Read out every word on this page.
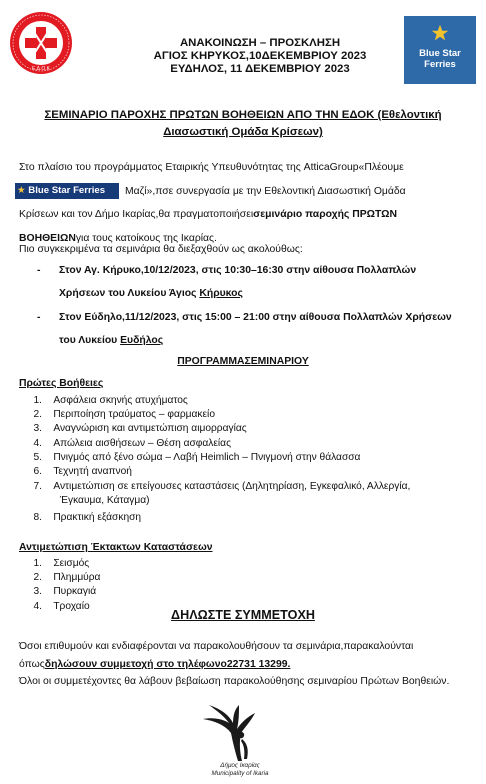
Ε.Δ.Ο.Κ
Blue Star
Ferries
ΑΝΑΚΟΙΝΩΣΗ – ΠΡΟΣΚΛΗΣΗ
ΑΓΙΟΣ ΚΗΡΥΚΟΣ,10ΔΕΚΕΜΒΡΙΟΥ 2023
ΕΥΔΗΛΟΣ, 11 ΔΕΚΕΜΒΡΙΟΥ 2023
ΣΕΜΙΝΑΡΙΟ ΠΑΡΟΧΗΣ ΠΡΩΤΩΝ ΒΟΗΘΕΙΩΝ ΑΠΟ ΤΗΝ ΕΔΟΚ (Εθελοντική
Διασωστική Ομάδα Κρίσεων)
Στο πλαίσιο του προγράμματος Εταιρικής Υπευθυνότητας της AtticaGroup«Πλέουμε
★ Blue Star Ferries Μαζί»,πσε συνεργασία με την Εθελοντική Διασωστική Ομάδα
Κρίσεων και τον Δήμο Ικαρίας,θα πραγματοποιήσεισεμινάριο παροχής ΠΡΩΤΩΝ
ΒΟΗΘΕΙΩΝγια τους κατοίκους της Ικαρίας.
Πιο συγκεκριμένα τα σεμινάρια θα διεξαχθούν ως ακολούθως:
- Στον Αγ. Κήρυκο,10/12/2023, στις 10:30–16:30 στην αίθουσα Πολλαπλών
Χρήσεων του Λυκείου Άγιος Κήρυκος
- Στον Εύδηλο,11/12/2023, στις 15:00 – 21:00 στην αίθουσα Πολλαπλών Χρήσεων
του Λυκείου Ευδήλος
ΠΡΟΓΡΑΜΜΑΣΕΜΙΝΑΡΙΟΥ
Πρώτες Βοήθειες
1. Ασφάλεια σκηνής ατυχήματος
2. Περιποίηση τραύματος – φαρμακείο
3. Αναγνώριση και αντιμετώπιση αιμορραγίας
4. Απώλεια αισθήσεων – Θέση ασφαλείας
5. Πνιγμός από ξένο σώμα – Λαβή Heimlich – Πνιγμονή στην θάλασσα
6. Τεχνητή αναπνοή
7. Αντιμετώπιση σε επείγουσες καταστάσεις (Δηλητηρίαση, Εγκεφαλικό, Αλλεργία,
Έγκαυμα, Κάταγμα)
8. Πρακτική εξάσκηση
Αντιμετώπιση Έκτακτων Καταστάσεων
1. Σεισμός
2. Πλημμύρα
3. Πυρκαγιά
4. Τροχαίο
ΔΗΛΩΣΤΕ ΣΥΜΜΕΤΟΧΗ
Όσοι επιθυμούν και ενδιαφέρονται να παρακολουθήσουν τα σεμινάρια,παρακαλούνται
όπωςδηλώσουν συμμετοχή στο τηλέφωνο22731 13299.
Όλοι οι συμμετέχοντες θα λάβουν βεβαίωση παρακολούθησης σεμιναρίου Πρώτων Βοηθειών.
Δήμος Ικαρίας
Municipality of Ikaria
